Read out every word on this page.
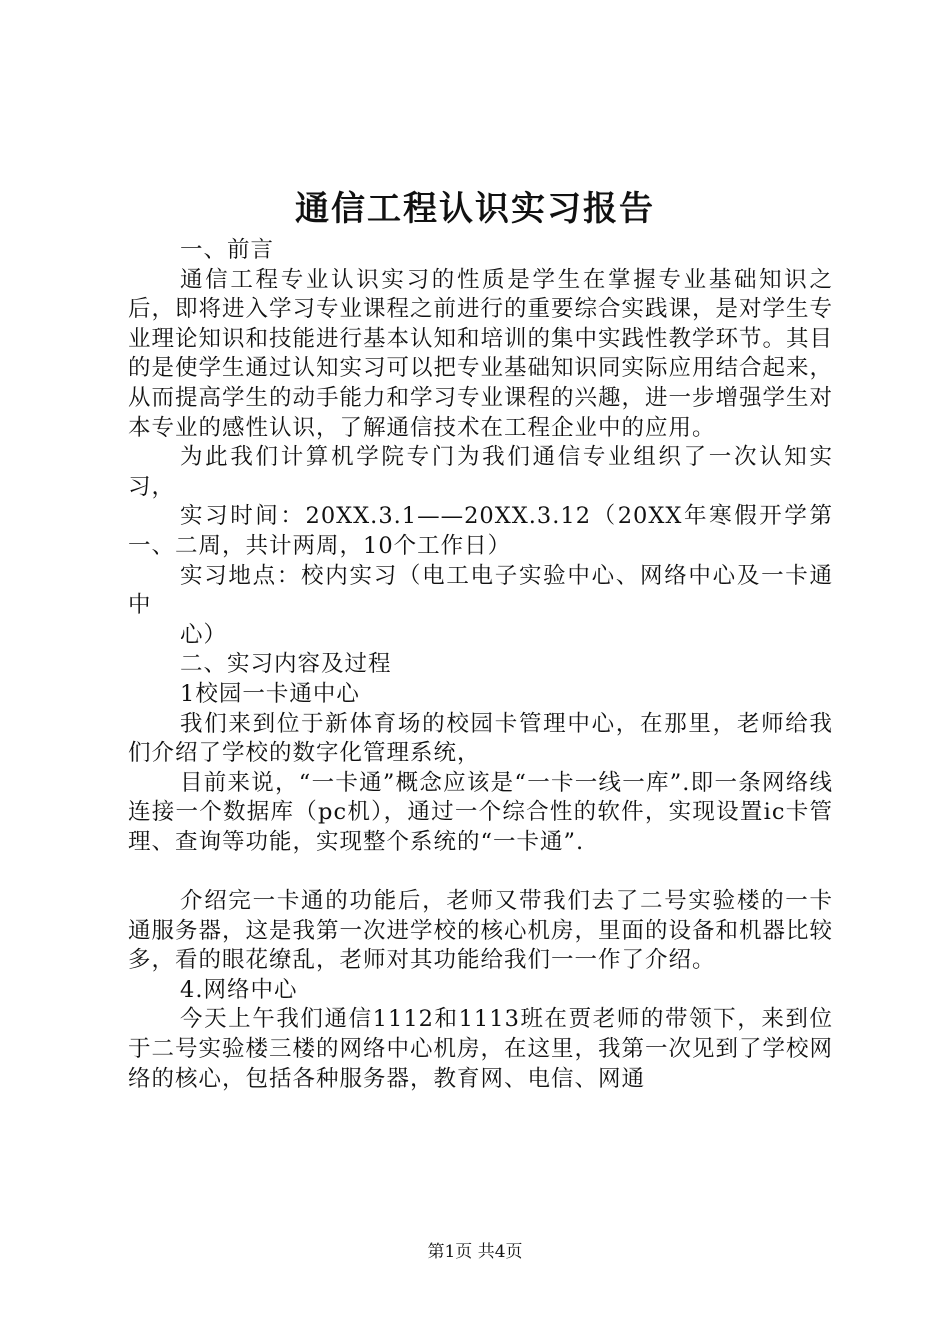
通信工程认识实习报告

一、前言

通信工程专业认识实习的性质是学生在掌握专业基础知识之后，即将进入学习专业课程之前进行的重要综合实践课，是对学生专业理论知识和技能进行基本认知和培训的集中实践性教学环节。其目的是使学生通过认知实习可以把专业基础知识同实际应用结合起来，从而提高学生的动手能力和学习专业课程的兴趣，进一步增强学生对本专业的感性认识，了解通信技术在工程企业中的应用。

为此我们计算机学院专门为我们通信专业组织了一次认知实习，

实习时间：20XX.3.1——20XX.3.12（20XX年寒假开学第一、二周，共计两周，10个工作日）

实习地点：校内实习（电工电子实验中心、网络中心及一卡通中

心）

二、实习内容及过程

1校园一卡通中心

我们来到位于新体育场的校园卡管理中心，在那里，老师给我们介绍了学校的数字化管理系统，

目前来说，“一卡通”概念应该是“一卡一线一库”.即一条网络线连接一个数据库（pc机），通过一个综合性的软件，实现设置ic卡管理、查询等功能，实现整个系统的“一卡通”.

介绍完一卡通的功能后，老师又带我们去了二号实验楼的一卡通服务器，这是我第一次进学校的核心机房，里面的设备和机器比较多，看的眼花缭乱，老师对其功能给我们一一作了介绍。

4.网络中心

今天上午我们通信1112和1113班在贾老师的带领下，来到位于二号实验楼三楼的网络中心机房，在这里，我第一次见到了学校网络的核心，包括各种服务器，教育网、电信、网通

第1页 共4页
